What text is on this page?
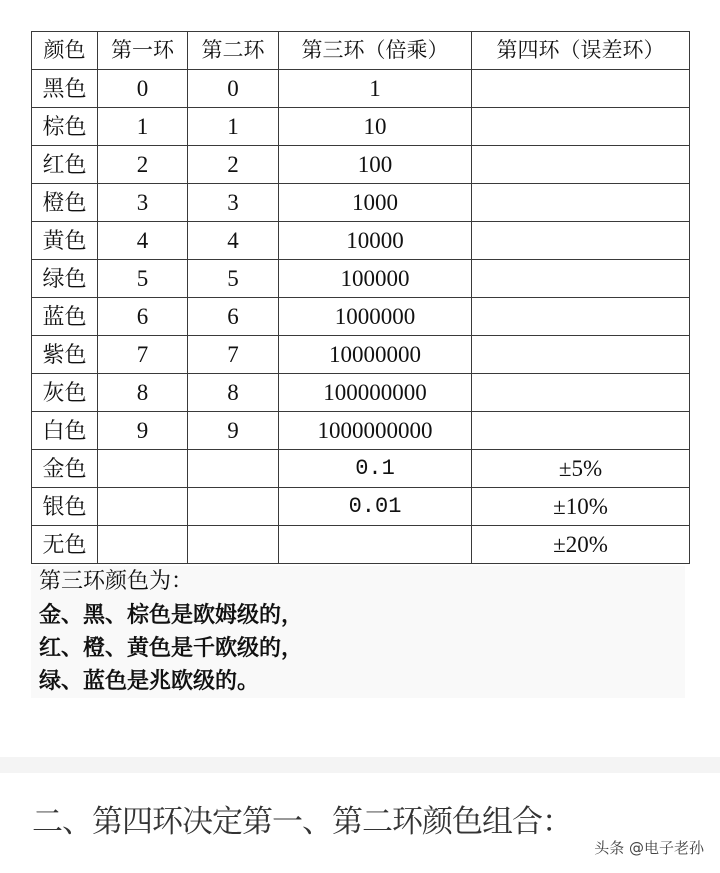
颜色	第一环	第二环	第三环（倍乘）	第四环（误差环）
黑色	0	0	1	
棕色	1	1	10	
红色	2	2	100	
橙色	3	3	1000	
黄色	4	4	10000	
绿色	5	5	100000	
蓝色	6	6	1000000	
紫色	7	7	10000000	
灰色	8	8	100000000	
白色	9	9	1000000000	
金色			0.1	±5%
银色			0.01	±10%
无色				±20%
第三环颜色为：
金、黑、棕色是欧姆级的，
红、橙、黄色是千欧级的，
绿、蓝色是兆欧级的。
二、第四环决定第一、第二环颜色组合：
头条 @电子老孙
